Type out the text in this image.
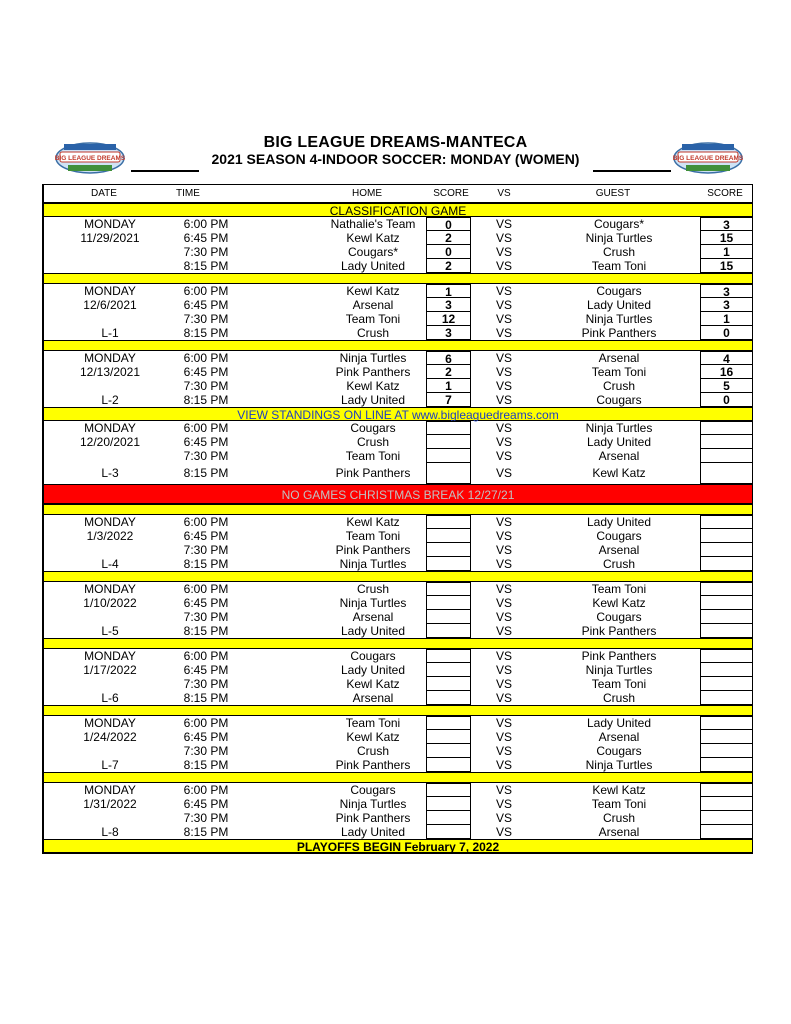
BIG LEAGUE DREAMS	BIG LEAGUE DREAMS
BIG LEAGUE DREAMS-MANTECA
2021 SEASON 4-INDOOR SOCCER: MONDAY (WOMEN)
DATE	TIME	HOME	SCORE	VS	GUEST	SCORE
CLASSIFICATION GAME
MONDAY	6:00 PM	Nathalie's Team	0	VS	Cougars*	3
11/29/2021	6:45 PM	Kewl Katz	2	VS	Ninja Turtles	15
7:30 PM	Cougars*	0	VS	Crush	1
8:15 PM	Lady United	2	VS	Team Toni	15
MONDAY	6:00 PM	Kewl Katz	1	VS	Cougars	3
12/6/2021	6:45 PM	Arsenal	3	VS	Lady United	3
7:30 PM	Team Toni	12	VS	Ninja Turtles	1
L-1	8:15 PM	Crush	3	VS	Pink Panthers	0
MONDAY	6:00 PM	Ninja Turtles	6	VS	Arsenal	4
12/13/2021	6:45 PM	Pink Panthers	2	VS	Team Toni	16
7:30 PM	Kewl Katz	1	VS	Crush	5
L-2	8:15 PM	Lady United	7	VS	Cougars	0
VIEW STANDINGS ON LINE AT www.bigleaguedreams.com
MONDAY	6:00 PM	Cougars	VS	Ninja Turtles
12/20/2021	6:45 PM	Crush	VS	Lady United
7:30 PM	Team Toni	VS	Arsenal
L-3	8:15 PM	Pink Panthers	VS	Kewl Katz
NO GAMES CHRISTMAS BREAK 12/27/21
MONDAY	6:00 PM	Kewl Katz	VS	Lady United
1/3/2022	6:45 PM	Team Toni	VS	Cougars
7:30 PM	Pink Panthers	VS	Arsenal
L-4	8:15 PM	Ninja Turtles	VS	Crush
MONDAY	6:00 PM	Crush	VS	Team Toni
1/10/2022	6:45 PM	Ninja Turtles	VS	Kewl Katz
7:30 PM	Arsenal	VS	Cougars
L-5	8:15 PM	Lady United	VS	Pink Panthers
MONDAY	6:00 PM	Cougars	VS	Pink Panthers
1/17/2022	6:45 PM	Lady United	VS	Ninja Turtles
7:30 PM	Kewl Katz	VS	Team Toni
L-6	8:15 PM	Arsenal	VS	Crush
MONDAY	6:00 PM	Team Toni	VS	Lady United
1/24/2022	6:45 PM	Kewl Katz	VS	Arsenal
7:30 PM	Crush	VS	Cougars
L-7	8:15 PM	Pink Panthers	VS	Ninja Turtles
MONDAY	6:00 PM	Cougars	VS	Kewl Katz
1/31/2022	6:45 PM	Ninja Turtles	VS	Team Toni
7:30 PM	Pink Panthers	VS	Crush
L-8	8:15 PM	Lady United	VS	Arsenal
PLAYOFFS BEGIN February 7, 2022
